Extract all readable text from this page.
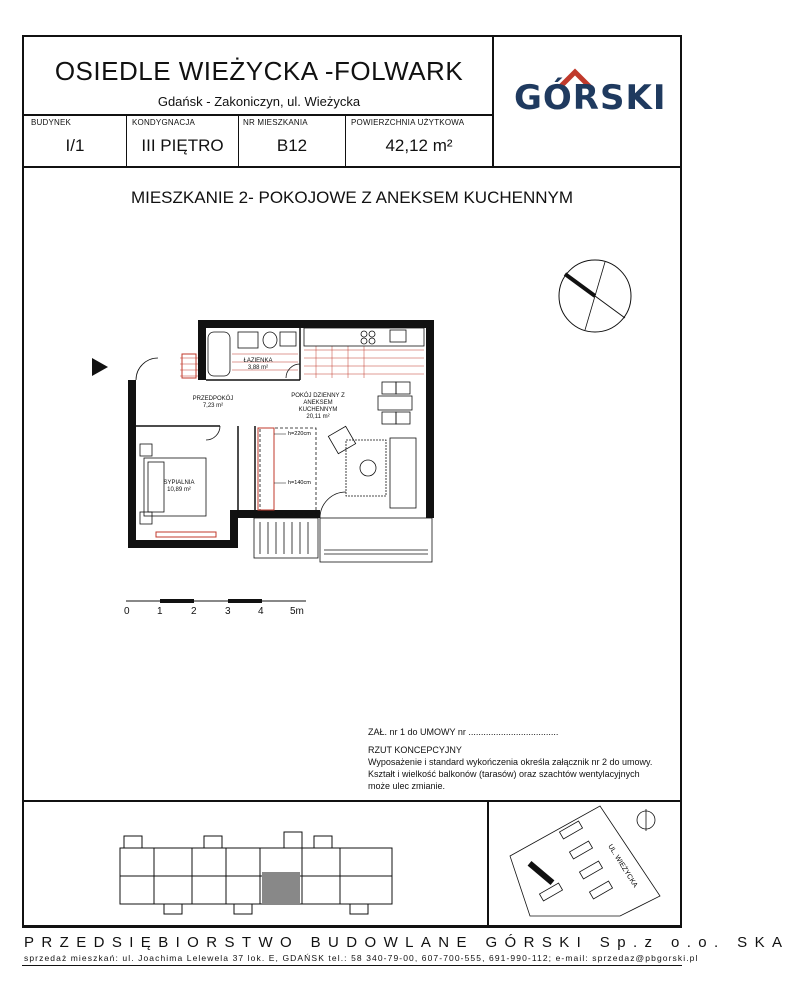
OSIEDLE WIEŻYCKA -FOLWARK
Gdańsk - Zakoniczyn, ul. Wieżycka	GÓRSKI
BUDYNEK
I/1
KONDYGNACJA
III PIĘTRO
NR MIESZKANIA
B12
POWIERZCHNIA UŻYTKOWA
42,12 m²
MIESZKANIE 2- POKOJOWE Z ANEKSEM KUCHENNYM
h=220cm
h=140cm
ŁAZIENKA
3,88 m²
PRZEDPOKÓJ
7,23 m²
POKÓJ DZIENNY Z ANEKSEM KUCHENNYM
20,11 m²
SYPIALNIA
10,89 m²
0	1	2	3	4	5m
ZAŁ. nr 1 do UMOWY nr ....................................
RZUT KONCEPCYJNY
Wyposażenie i standard wykończenia określa załącznik nr 2 do umowy.
Kształt i wielkość balkonów (tarasów) oraz szachtów wentylacyjnych
może ulec zmianie.
UL. WIEŻYCKA
PRZEDSIĘBIORSTWO BUDOWLANE GÓRSKI Sp.z o.o. SKA
sprzedaż mieszkań: ul. Joachima Lelewela 37 lok. E, GDAŃSK tel.: 58 340-79-00, 607-700-555, 691-990-112; e-mail: sprzedaz@pbgorski.pl
